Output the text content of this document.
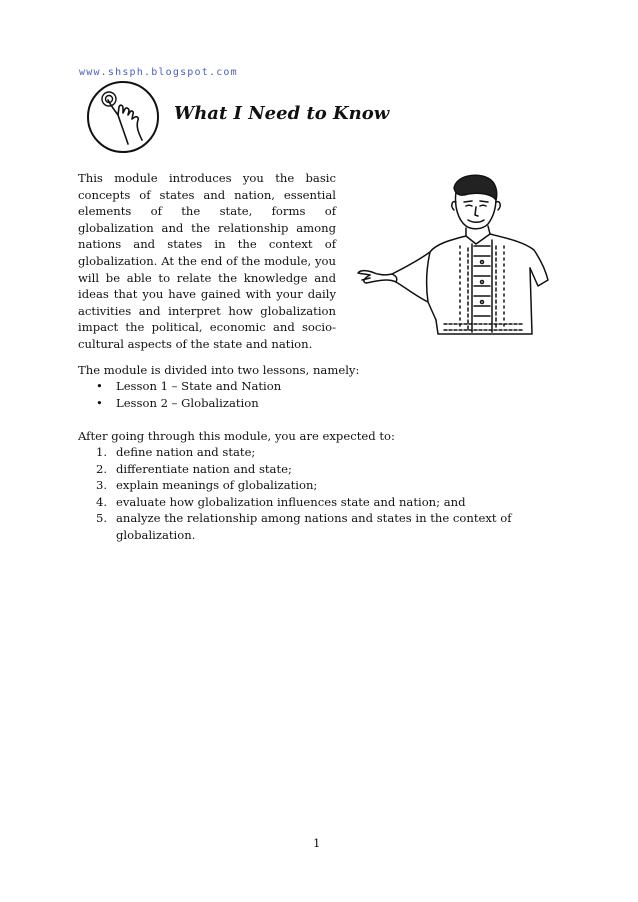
www.shsph.blogspot.com
What I Need to Know

This module introduces you the basic concepts of states and nation, essential elements of the state, forms of globalization and the relationship among nations and states in the context of globalization. At the end of the module, you will be able to relate the knowledge and ideas that you have gained with your daily activities and interpret how globalization impact the political, economic and socio-cultural aspects of the state and nation.

The module is divided into two lessons, namely:

• Lesson 1 – State and Nation
• Lesson 2 – Globalization

After going through this module, you are expected to:

1. define nation and state;
2. differentiate nation and state;
3. explain meanings of globalization;
4. evaluate how globalization influences state and nation; and
5. analyze the relationship among nations and states in the context of globalization.
1
